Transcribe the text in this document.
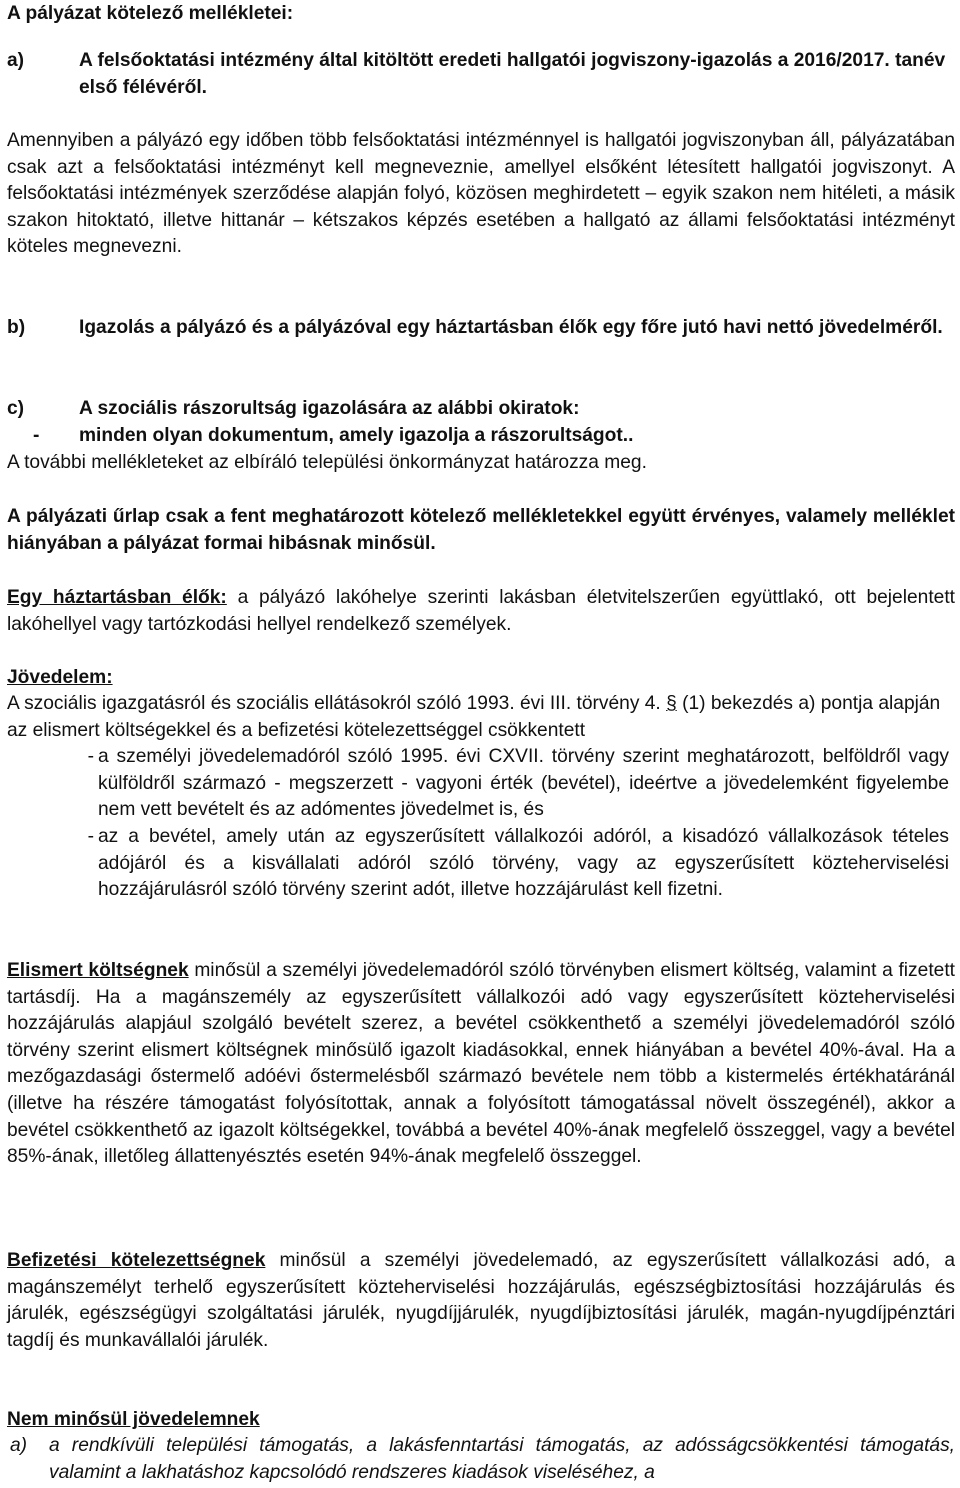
A pályázat kötelező mellékletei:

a)	A felsőoktatási intézmény által kitöltött eredeti hallgatói jogviszony-igazolás a 2016/2017. tanév első félévéről.

Amennyiben a pályázó egy időben több felsőoktatási intézménnyel is hallgatói jogviszonyban áll, pályázatában csak azt a felsőoktatási intézményt kell megneveznie, amellyel elsőként létesített hallgatói jogviszonyt. A felsőoktatási intézmények szerződése alapján folyó, közösen meghirdetett – egyik szakon nem hitéleti, a másik szakon hitoktató, illetve hittanár – kétszakos képzés esetében a hallgató az állami felsőoktatási intézményt köteles megnevezni.

b)	Igazolás a pályázó és a pályázóval egy háztartásban élők egy főre jutó havi nettó jövedelméről.
c)	A szociális rászorultság igazolására az alábbi okiratok:
-	minden olyan dokumentum, amely igazolja a rászorultságot..

A további mellékleteket az elbíráló települési önkormányzat határozza meg.

A pályázati űrlap csak a fent meghatározott kötelező mellékletekkel együtt érvényes, valamely melléklet hiányában a pályázat formai hibásnak minősül.

Egy háztartásban élők: a pályázó lakóhelye szerinti lakásban életvitelszerűen együttlakó, ott bejelentett lakóhellyel vagy tartózkodási hellyel rendelkező személyek.

Jövedelem:

A szociális igazgatásról és szociális ellátásokról szóló 1993. évi III. törvény 4. § (1) bekezdés a) pontja alapján az elismert költségekkel és a befizetési kötelezettséggel csökkentett

- a személyi jövedelemadóról szóló 1995. évi CXVII. törvény szerint meghatározott, belföldről vagy külföldről származó - megszerzett - vagyoni érték (bevétel), ideértve a jövedelemként figyelembe nem vett bevételt és az adómentes jövedelmet is, és
- az a bevétel, amely után az egyszerűsített vállalkozói adóról, a kisadózó vállalkozások tételes adójáról és a kisvállalati adóról szóló törvény, vagy az egyszerűsített közteherviselési hozzájárulásról szóló törvény szerint adót, illetve hozzájárulást kell fizetni.

Elismert költségnek minősül a személyi jövedelemadóról szóló törvényben elismert költség, valamint a fizetett tartásdíj. Ha a magánszemély az egyszerűsített vállalkozói adó vagy egyszerűsített közteherviselési hozzájárulás alapjául szolgáló bevételt szerez, a bevétel csökkenthető a személyi jövedelemadóról szóló törvény szerint elismert költségnek minősülő igazolt kiadásokkal, ennek hiányában a bevétel 40%-ával. Ha a mezőgazdasági őstermelő adóévi őstermelésből származó bevétele nem több a kistermelés értékhatáránál (illetve ha részére támogatást folyósítottak, annak a folyósított támogatással növelt összegénél), akkor a bevétel csökkenthető az igazolt költségekkel, továbbá a bevétel 40%-ának megfelelő összeggel, vagy a bevétel 85%-ának, illetőleg állattenyésztés esetén 94%-ának megfelelő összeggel.

Befizetési kötelezettségnek minősül a személyi jövedelemadó, az egyszerűsített vállalkozási adó, a magánszemélyt terhelő egyszerűsített közteherviselési hozzájárulás, egészségbiztosítási hozzájárulás és járulék, egészségügyi szolgáltatási járulék, nyugdíjjárulék, nyugdíjbiztosítási járulék, magán-nyugdíjpénztári tagdíj és munkavállalói járulék.

Nem minősül jövedelemnek

a)	a rendkívüli települési támogatás, a lakásfenntartási támogatás, az adósságcsökkentési támogatás, valamint a lakhatáshoz kapcsolódó rendszeres kiadások viseléséhez, a
